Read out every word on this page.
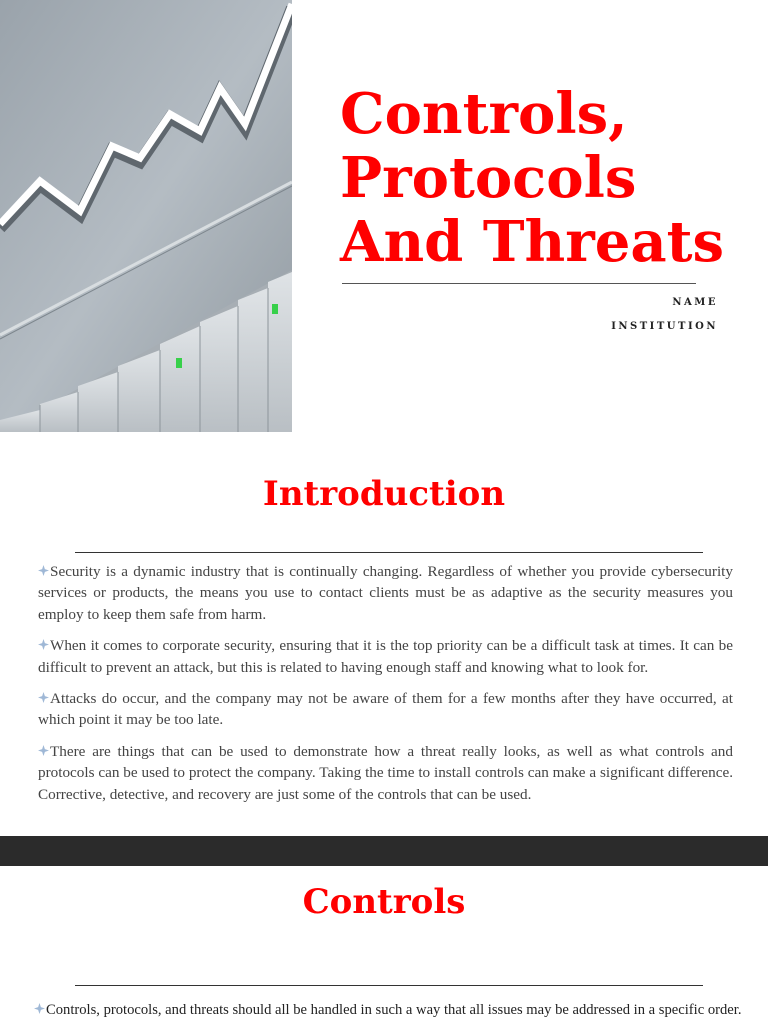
Controls,
Protocols
And Threats
NAME
INSTITUTION
Introduction
Security is a dynamic industry that is continually changing. Regardless of whether you provide cybersecurity services or products, the means you use to contact clients must be as adaptive as the security measures you employ to keep them safe from harm.
When it comes to corporate security, ensuring that it is the top priority can be a difficult task at times. It can be difficult to prevent an attack, but this is related to having enough staff and knowing what to look for.
Attacks do occur, and the company may not be aware of them for a few months after they have occurred, at which point it may be too late.
There are things that can be used to demonstrate how a threat really looks, as well as what controls and protocols can be used to protect the company. Taking the time to install controls can make a significant difference. Corrective, detective, and recovery are just some of the controls that can be used.
Controls
Controls, protocols, and threats should all be handled in such a way that all issues may be addressed in a specific order.
